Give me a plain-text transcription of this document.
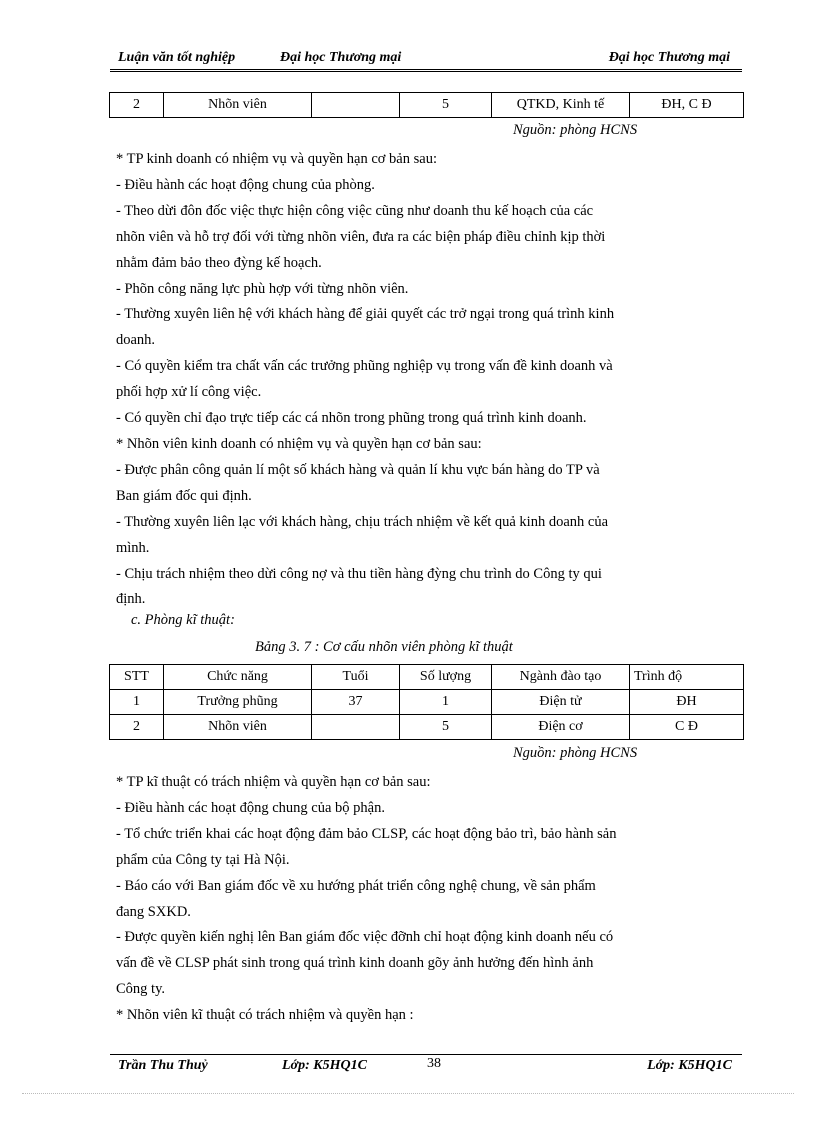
Luận văn tốt nghiệp	Đại học Thương mại	Đại học Thương mại
2	Nhõn viên		5	QTKD, Kinh tế	ĐH, C Đ
Nguồn: phòng HCNS

* TP kinh doanh có nhiệm vụ và quyền hạn cơ bản sau:

- Điều hành các hoạt động chung của phòng.

- Theo dừi đôn đốc việc thực hiện công việc cũng như doanh thu kế hoạch của các

nhõn viên và hỗ trợ đối với từng nhõn viên, đưa ra các biện pháp điều chỉnh kịp thời

nhằm đảm bảo theo đỳng kế hoạch.

- Phõn công năng lực phù hợp với từng nhõn viên.

- Thường xuyên liên hệ với khách hàng để giải quyết các trở ngại trong quá trình kinh

doanh.

- Có quyền kiểm tra chất vấn các trưởng phũng nghiệp vụ trong vấn đề kinh doanh và

phối hợp xử lí công việc.

- Có quyền chỉ đạo trực tiếp các cá nhõn trong phũng trong quá trình kinh doanh.

* Nhõn viên kinh doanh có nhiệm vụ và quyền hạn cơ bản sau:

- Được phân công quản lí một số khách hàng và quản lí khu vực bán hàng do TP và

Ban giám đốc qui định.

- Thường xuyên liên lạc với khách hàng, chịu trách nhiệm về kết quả kinh doanh của

mình.

- Chịu trách nhiệm theo dừi công nợ và thu tiền hàng đỳng chu trình do Công ty qui

định.

c. Phòng kĩ thuật:
Bảng 3. 7 : Cơ cấu nhõn viên phòng kĩ thuật
STT	Chức năng	Tuổi	Số lượng	Ngành đào tạo	Trình độ
1	Trưởng phũng	37	1	Điện tử	ĐH
2	Nhõn viên		5	Điện cơ	C Đ
Nguồn: phòng HCNS

* TP kĩ thuật có trách nhiệm và quyền hạn cơ bản sau:

- Điều hành các hoạt động chung của bộ phận.

- Tổ chức triển khai các hoạt động đảm bảo CLSP, các hoạt động bảo trì, bảo hành sản

phẩm của Công ty tại Hà Nội.

- Báo cáo với Ban giám đốc về xu hướng phát triển công nghệ chung, về sản phẩm

đang SXKD.

- Được quyền kiến nghị lên Ban giám đốc việc đỡnh chỉ hoạt động kinh doanh nếu có

vấn đề về CLSP phát sinh trong quá trình kinh doanh gõy ảnh hưởng đến hình ảnh

Công ty.

* Nhõn viên kĩ thuật có trách nhiệm và quyền hạn :

Trần Thu Thuỷ	Lớp: K5HQ1C	38	Lớp: K5HQ1C
